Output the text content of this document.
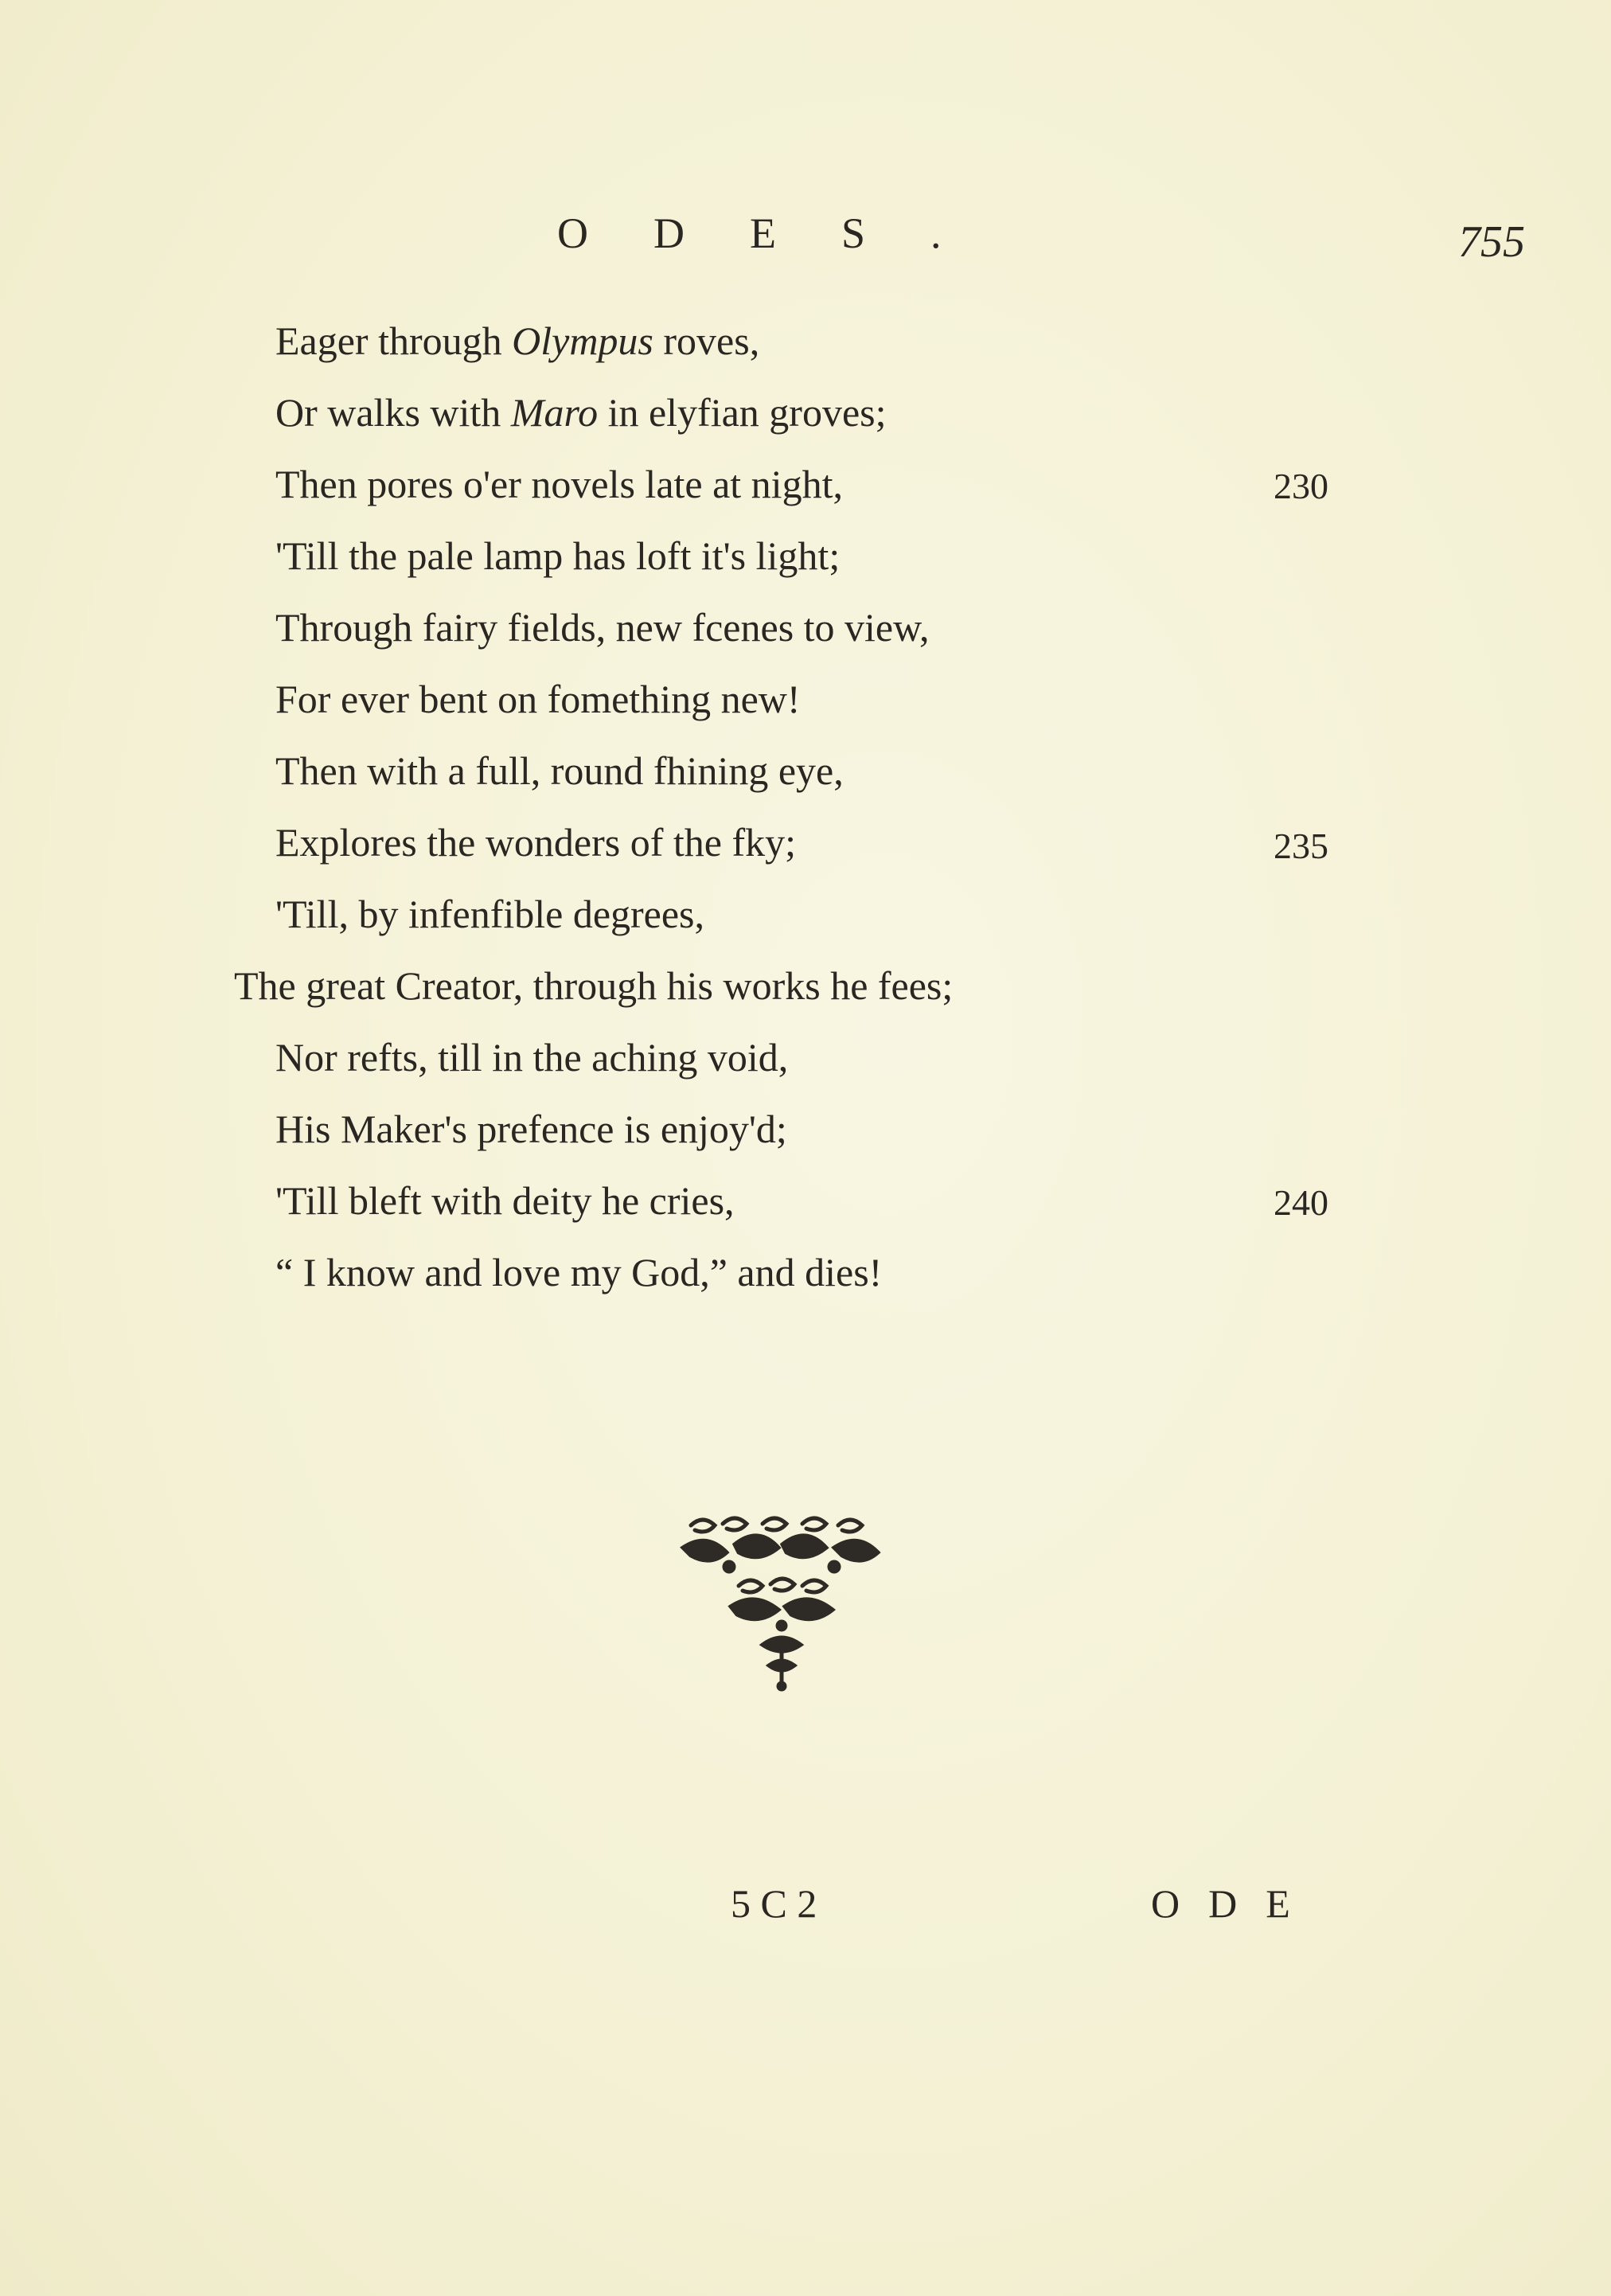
ODES.	755
Eager through Olympus roves,
Or walks with Maro in elyfian groves;
Then pores o'er novels late at night,
'Till the pale lamp has loft it's light;
Through fairy fields, new fcenes to view,
For ever bent on fomething new!
Then with a full, round fhining eye,
Explores the wonders of the fky;
'Till, by infenfible degrees,
The great Creator, through his works he fees;
Nor refts, till in the aching void,
His Maker's prefence is enjoy'd;
'Till bleft with deity he cries,
“ I know and love my God,” and dies!
230
235
240
5 C 2	ODE
